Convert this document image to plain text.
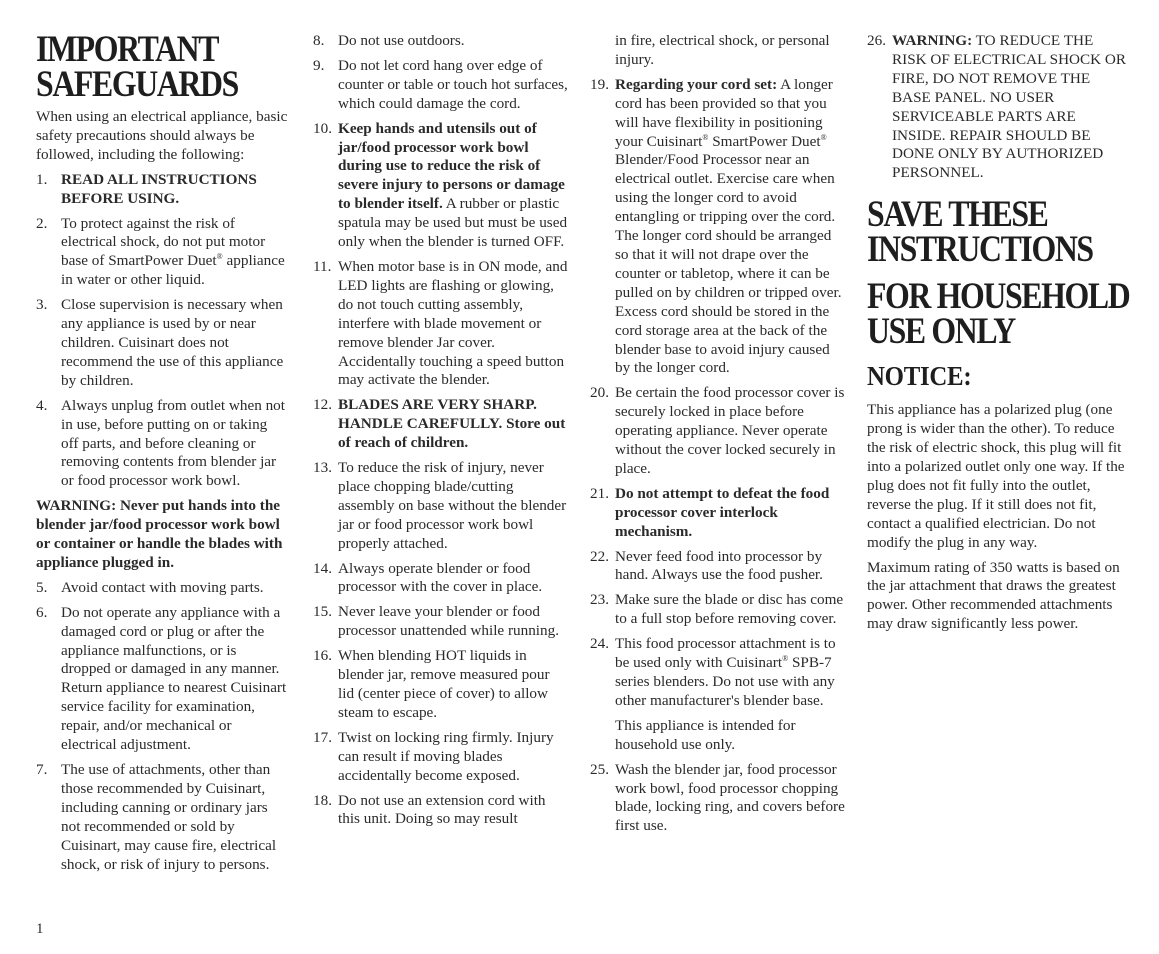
IMPORTANT
SAFEGUARDS

When using an electrical appliance, basic safety precautions should always be followed, including the following:

1. READ ALL INSTRUCTIONS BEFORE USING.
2. To protect against the risk of electrical shock, do not put motor base of SmartPower Duet® appliance in water or other liquid.
3. Close supervision is necessary when any appliance is used by or near children. Cuisinart does not recommend the use of this appliance by children.
4. Always unplug from outlet when not in use, before putting on or taking off parts, and before cleaning or removing contents from blender jar or food processor work bowl.
WARNING: Never put hands into the blender jar/food processor work bowl or container or handle the blades with appliance plugged in.
5. Avoid contact with moving parts.
6. Do not operate any appliance with a damaged cord or plug or after the appliance malfunctions, or is dropped or damaged in any manner. Return appliance to nearest Cuisinart service facility for examination, repair, and/or mechanical or electrical adjustment.
7. The use of attachments, other than those recommended by Cuisinart, including canning or ordinary jars not recommended or sold by Cuisinart, may cause fire, electrical shock, or risk of injury to persons.
8. Do not use outdoors.
9. Do not let cord hang over edge of counter or table or touch hot surfaces, which could damage the cord.
10. Keep hands and utensils out of jar/food processor work bowl during use to reduce the risk of severe injury to persons or damage to blender itself. A rubber or plastic spatula may be used but must be used only when the blender is turned OFF.
11. When motor base is in ON mode, and LED lights are flashing or glowing, do not touch cutting assembly, interfere with blade movement or remove blender Jar cover. Accidentally touching a speed button may activate the blender.
12. BLADES ARE VERY SHARP. HANDLE CAREFULLY. Store out of reach of children.
13. To reduce the risk of injury, never place chopping blade/cutting assembly on base without the blender jar or food processor work bowl properly attached.
14. Always operate blender or food processor with the cover in place.
15. Never leave your blender or food processor unattended while running.
16. When blending HOT liquids in blender jar, remove measured pour lid (center piece of cover) to allow steam to escape.
17. Twist on locking ring firmly. Injury can result if moving blades accidentally become exposed.
18. Do not use an extension cord with this unit. Doing so may result
in fire, electrical shock, or personal injury.
19. Regarding your cord set: A longer cord has been provided so that you will have flexibility in positioning your Cuisinart® SmartPower Duet® Blender/Food Processor near an electrical outlet. Exercise care when using the longer cord to avoid entangling or tripping over the cord. The longer cord should be arranged so that it will not drape over the counter or tabletop, where it can be pulled on by children or tripped over. Excess cord should be stored in the cord storage area at the back of the blender base to avoid injury caused by the longer cord.
20. Be certain the food processor cover is securely locked in place before operating appliance. Never operate without the cover locked securely in place.
21. Do not attempt to defeat the food processor cover interlock mechanism.
22. Never feed food into processor by hand. Always use the food pusher.
23. Make sure the blade or disc has come to a full stop before removing cover.
24. This food processor attachment is to be used only with Cuisinart® SPB-7 series blenders. Do not use with any other manufacturer's blender base.
This appliance is intended for household use only.
25. Wash the blender jar, food processor work bowl, food processor chopping blade, locking ring, and covers before first use.
26. WARNING: TO REDUCE THE RISK OF ELECTRICAL SHOCK OR FIRE, DO NOT REMOVE THE BASE PANEL. NO USER SERVICEABLE PARTS ARE INSIDE. REPAIR SHOULD BE DONE ONLY BY AUTHORIZED PERSONNEL.
SAVE THESE
INSTRUCTIONS
FOR HOUSEHOLD
USE ONLY
NOTICE:

This appliance has a polarized plug (one prong is wider than the other). To reduce the risk of electric shock, this plug will fit into a polarized outlet only one way. If the plug does not fit fully into the outlet, reverse the plug. If it still does not fit, contact a qualified electrician. Do not modify the plug in any way.

Maximum rating of 350 watts is based on the jar attachment that draws the greatest power. Other recommended attachments may draw significantly less power.

1
